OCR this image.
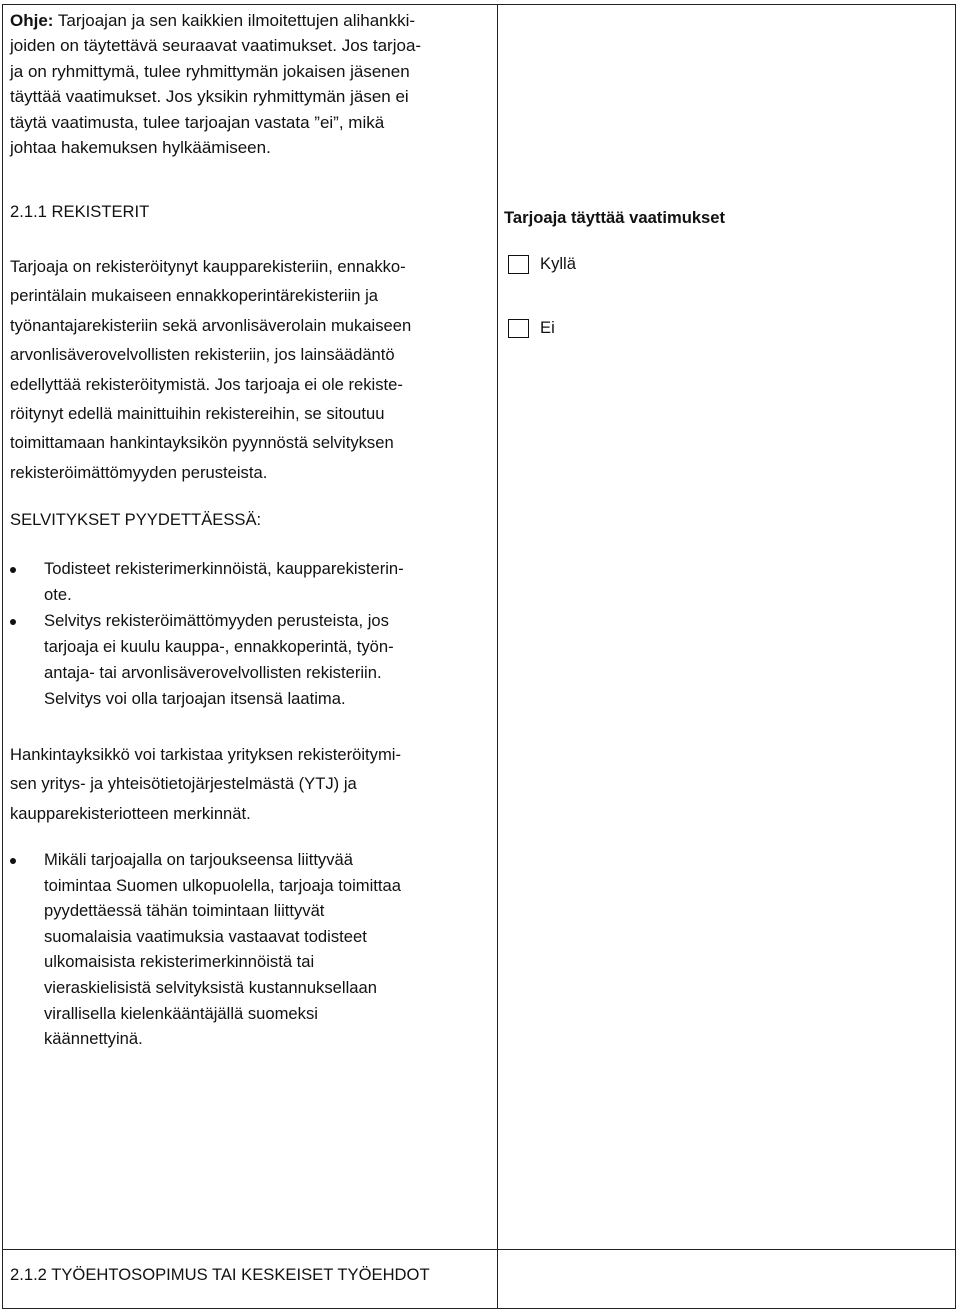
Ohje: Tarjoajan ja sen kaikkien ilmoitettujen alihankki-
joiden on täytettävä seuraavat vaatimukset. Jos tarjoa-
ja on ryhmittymä, tulee ryhmittymän jokaisen jäsenen
täyttää vaatimukset. Jos yksikin ryhmittymän jäsen ei
täytä vaatimusta, tulee tarjoajan vastata ”ei”, mikä
johtaa hakemuksen hylkäämiseen.
2.1.1 REKISTERIT
Tarjoaja on rekisteröitynyt kaupparekisteriin, ennakko-
perintälain mukaiseen ennakkoperintärekisteriin ja
työnantajarekisteriin sekä arvonlisäverolain mukaiseen
arvonlisäverovelvollisten rekisteriin, jos lainsäädäntö
edellyttää rekisteröitymistä. Jos tarjoaja ei ole rekiste-
röitynyt edellä mainittuihin rekistereihin, se sitoutuu
toimittamaan hankintayksikön pyynnöstä selvityksen
rekisteröimättömyyden perusteista.
SELVITYKSET PYYDETTÄESSÄ:
Todisteet rekisterimerkinnöistä, kaupparekisterin-
ote.
Selvitys rekisteröimättömyyden perusteista, jos
tarjoaja ei kuulu kauppa-, ennakkoperintä, työn-
antaja- tai arvonlisäverovelvollisten rekisteriin.
Selvitys voi olla tarjoajan itsensä laatima.
Hankintayksikkö voi tarkistaa yrityksen rekisteröitymi-
sen yritys- ja yhteisötietojärjestelmästä (YTJ) ja
kaupparekisteriotteen merkinnät.
Mikäli tarjoajalla on tarjoukseensa liittyvää
toimintaa Suomen ulkopuolella, tarjoaja toimittaa
pyydettäessä tähän toimintaan liittyvät
suomalaisia vaatimuksia vastaavat todisteet
ulkomaisista rekisterimerkinnöistä tai
vieraskielisistä selvityksistä kustannuksellaan
virallisella kielenkääntäjällä suomeksi
käännettyinä.
Tarjoaja täyttää vaatimukset
Kyllä
Ei
2.1.2 TYÖEHTOSOPIMUS TAI KESKEISET TYÖEHDOT
